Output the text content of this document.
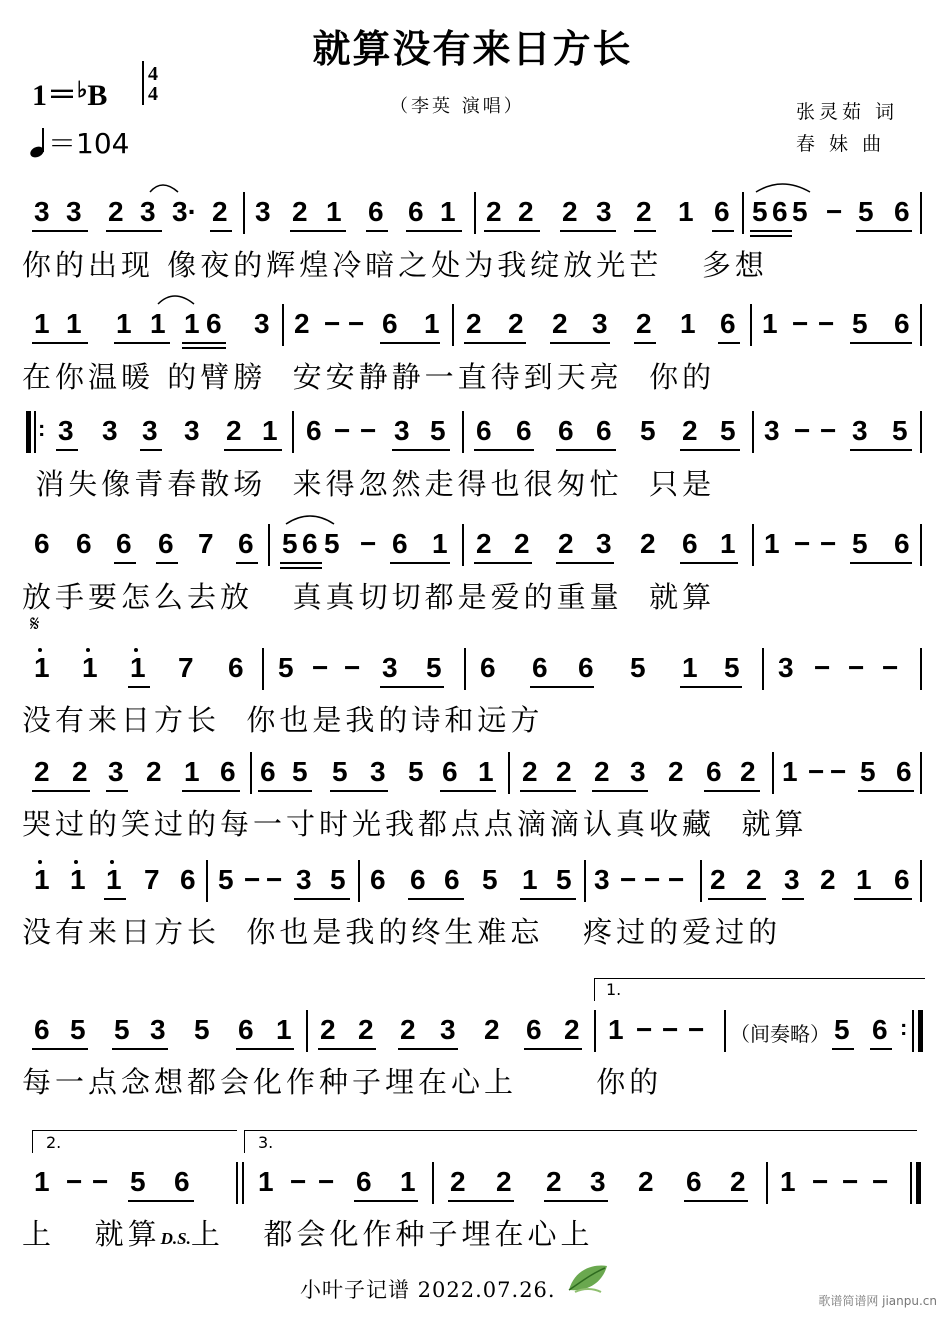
就算没有来日方长
（李英 演唱）
1＝♭B
4
4
＝104
张灵茹 词
春 妹 曲
3 3 2 3 3· 2 3 2 1 6 6 1 2 2 2 3 2 1 6 5 6 5 − 5 6
你的出现 像夜的辉煌冷暗之处为我绽放光芒   多想
1 1 1 1 1 6 3 2 − − 6 1 2 2 2 3 2 1 6 1 − − 5 6
在你温暖 的臂膀  安安静静一直待到天亮  你的
: 3 3 3 3 2 1 6 − − 3 5 6 6 6 6 5 2 5 3 − − 3 5
消失像青春散场  来得忽然走得也很匆忙  只是
6 6 6 6 7 6 5 6 5 − 6 1 2 2 2 3 2 6 1 1 − − 5 6
放手要怎么去放   真真切切都是爱的重量  就算
𝄋
1 1 1 7 6 5 − − 3 5 6 6 6 5 1 5 3 − − −
没有来日方长  你也是我的诗和远方
2 2 3 2 1 6 6 5 5 3 5 6 1 2 2 2 3 2 6 2 1 − − 5 6
哭过的笑过的每一寸时光我都点点滴滴认真收藏  就算
1 1 1 7 6 5 − − 3 5 6 6 6 5 1 5 3 − − − 2 2 3 2 1 6
没有来日方长  你也是我的终生难忘   疼过的爱过的
1.
6 5 5 3 5 6 1 2 2 2 3 2 6 2 1 − − − （间奏略） 5 6 :
每一点念想都会化作种子埋在心上      你的
2.	3.
1 − − 5 6 1 − − 6 1 2 2 2 3 2 6 2 1 − − −
上   就算D.S.上   都会化作种子埋在心上
小叶子记谱 2022.07.26.	歌谱简谱网 jianpu.cn
